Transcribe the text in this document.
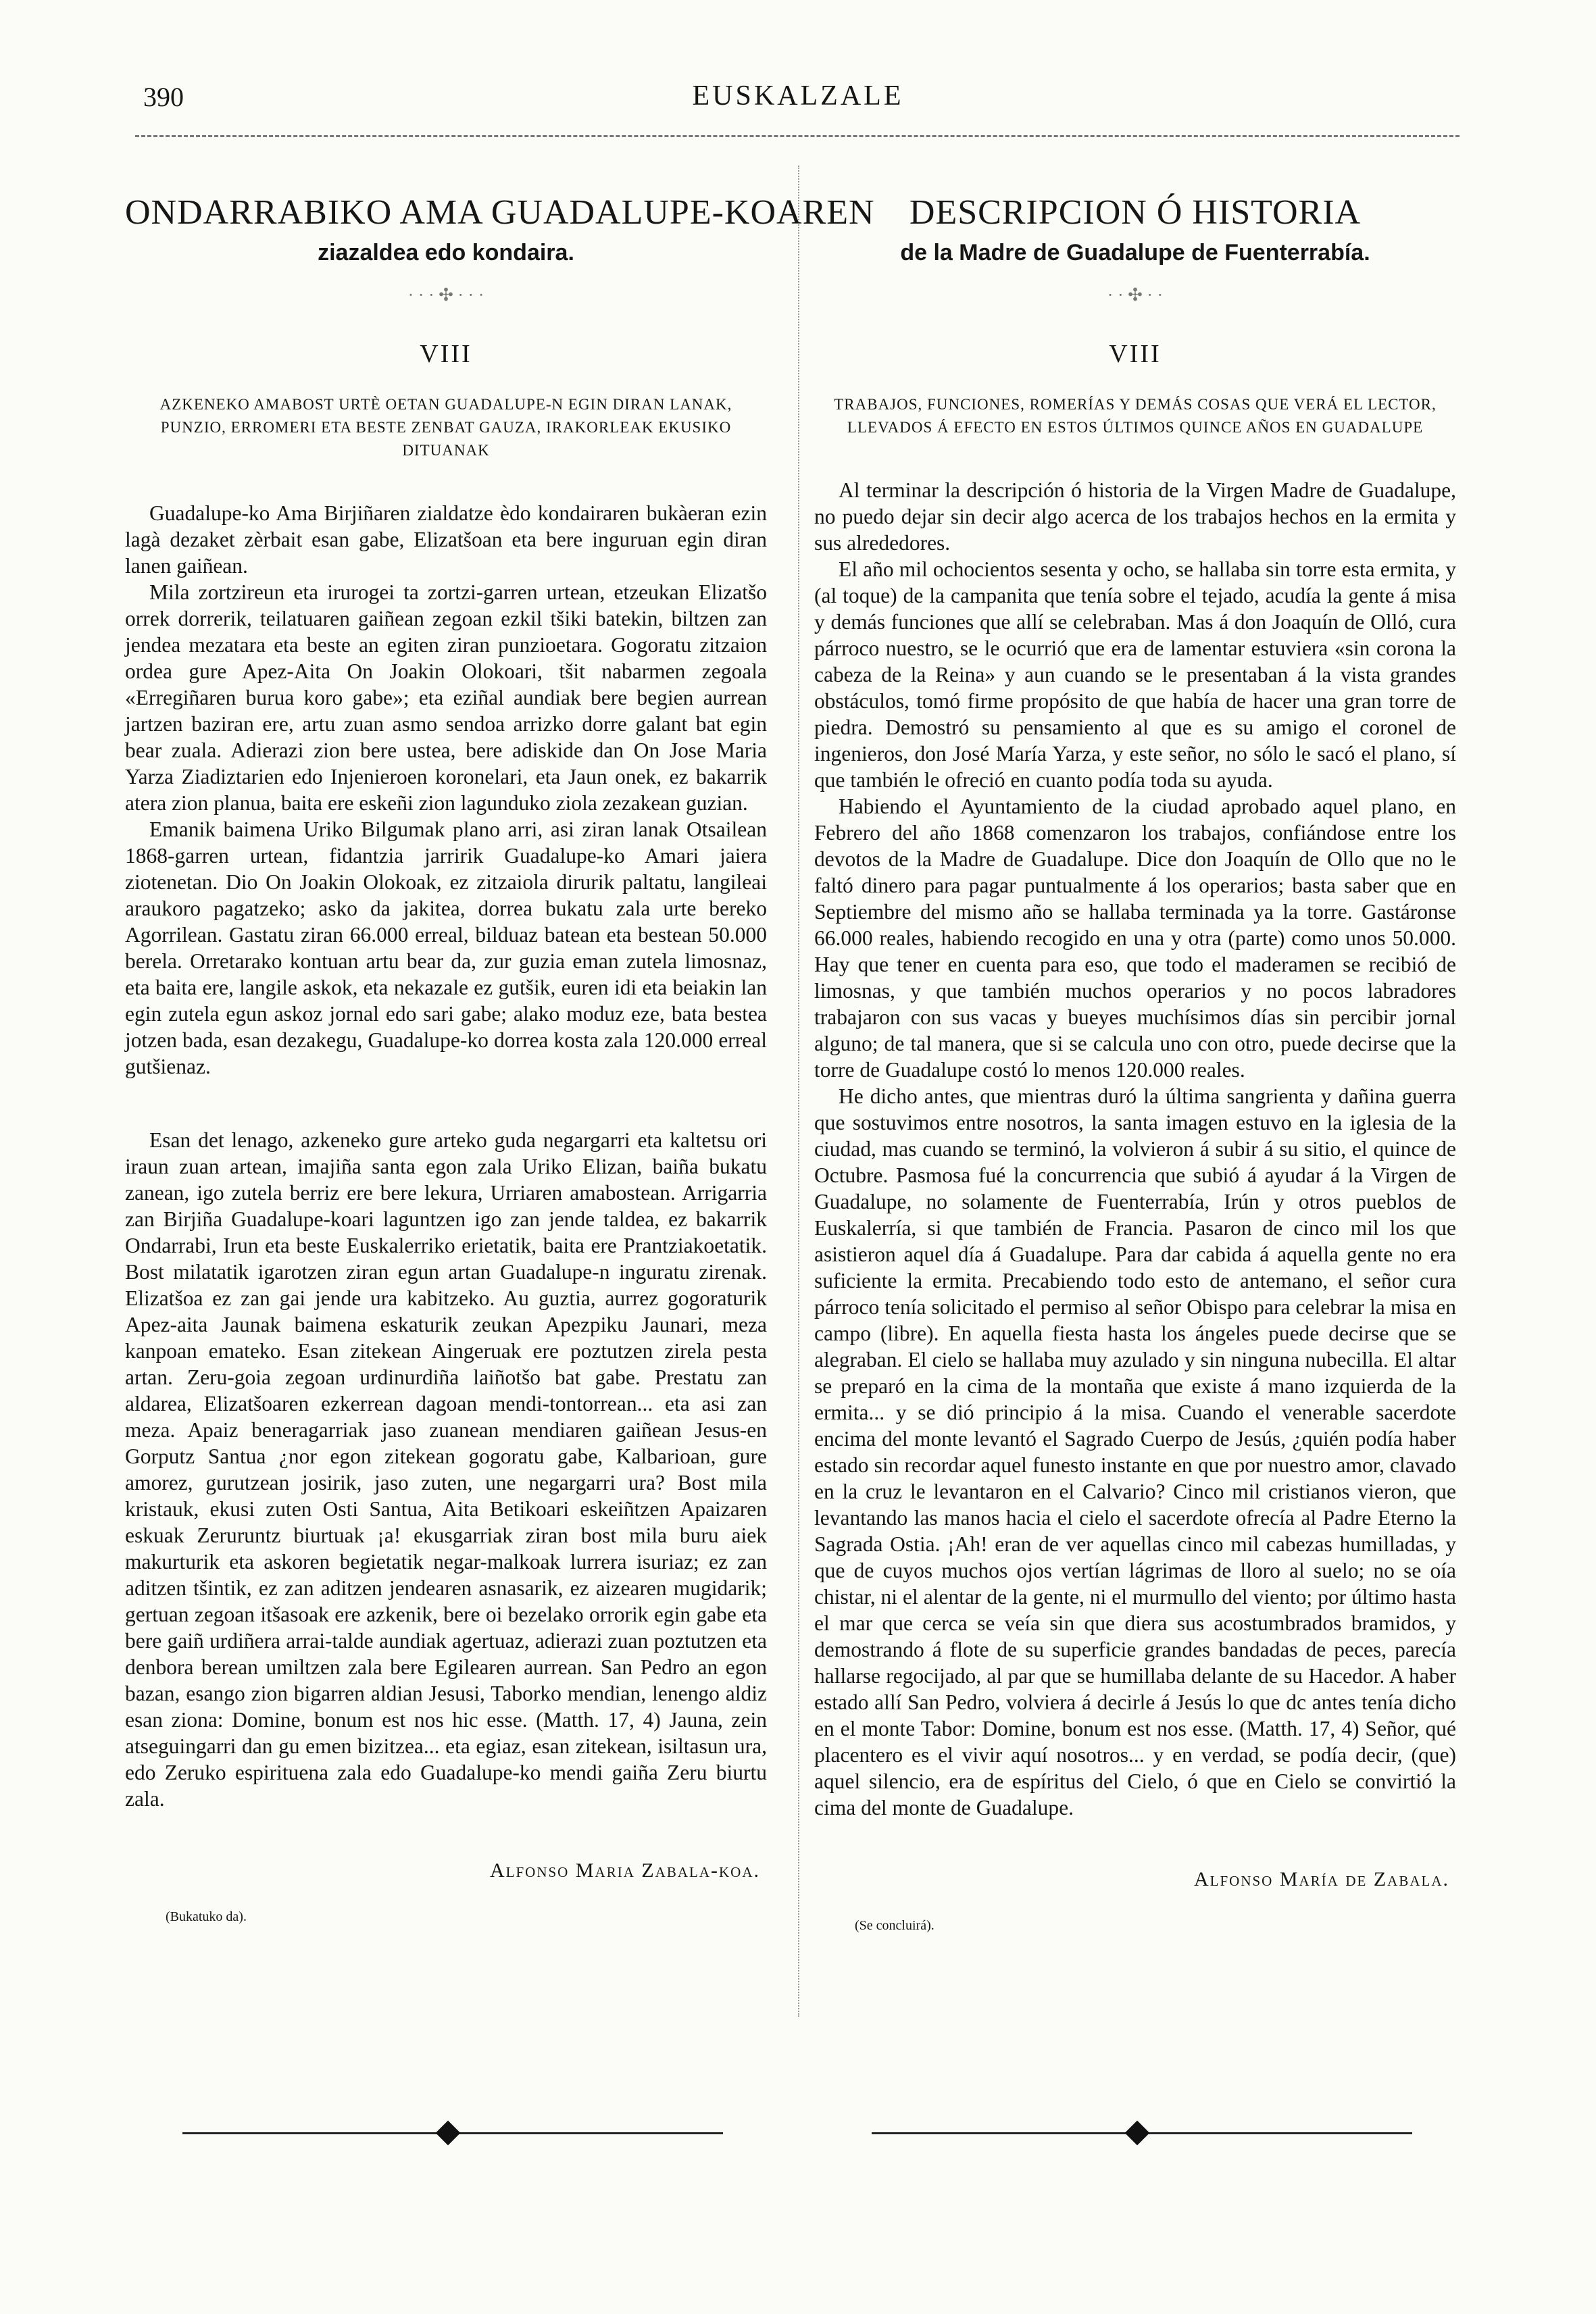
390	EUSKALZALE
ONDARRABIKO AMA GUADALUPE-KOAREN
ziazaldea edo kondaira.
· · · ✣ · · ·
VIII
AZKENEKO AMABOST URTÈ OETAN GUADALUPE-N EGIN DIRAN LANAK, PUNZIO, ERROMERI ETA BESTE ZENBAT GAUZA, IRAKORLEAK EKUSIKO DITUANAK

Guadalupe-ko Ama Birjiñaren zialdatze èdo kondairaren bukàeran ezin lagà dezaket zèrbait esan gabe, Elizatšoan eta bere inguruan egin diran lanen gaiñean.

Mila zortzireun eta irurogei ta zortzi-garren urtean, etzeukan Elizatšo orrek dorrerik, teilatuaren gaiñean zegoan ezkil tšiki batekin, biltzen zan jendea mezatara eta beste an egiten ziran punzioetara. Gogoratu zitzaion ordea gure Apez-Aita On Joakin Olokoari, tšit nabarmen zegoala «Erregiñaren burua koro gabe»; eta eziñal aundiak bere begien aurrean jartzen baziran ere, artu zuan asmo sendoa arrizko dorre galant bat egin bear zuala. Adierazi zion bere ustea, bere adiskide dan On Jose Maria Yarza Ziadiztarien edo Injenieroen koronelari, eta Jaun onek, ez bakarrik atera zion planua, baita ere eskeñi zion lagunduko ziola zezakean guzian.

Emanik baimena Uriko Bilgumak plano arri, asi ziran lanak Otsailean 1868-garren urtean, fidantzia jarririk Guadalupe-ko Amari jaiera ziotenetan. Dio On Joakin Olokoak, ez zitzaiola dirurik paltatu, langileai araukoro pagatzeko; asko da jakitea, dorrea bukatu zala urte bereko Agorrilean. Gastatu ziran 66.000 erreal, bilduaz batean eta bestean 50.000 berela. Orretarako kontuan artu bear da, zur guzia eman zutela limosnaz, eta baita ere, langile askok, eta nekazale ez gutšik, euren idi eta beiakin lan egin zutela egun askoz jornal edo sari gabe; alako moduz eze, bata bestea jotzen bada, esan dezakegu, Guadalupe-ko dorrea kosta zala 120.000 erreal gutšienaz.

Esan det lenago, azkeneko gure arteko guda negargarri eta kaltetsu ori iraun zuan artean, imajiña santa egon zala Uriko Elizan, baiña bukatu zanean, igo zutela berriz ere bere lekura, Urriaren amabostean. Arrigarria zan Birjiña Guadalupe-koari laguntzen igo zan jende taldea, ez bakarrik Ondarrabi, Irun eta beste Euskalerriko erietatik, baita ere Prantziakoetatik. Bost milatatik igarotzen ziran egun artan Guadalupe-n inguratu zirenak. Elizatšoa ez zan gai jende ura kabitzeko. Au guztia, aurrez gogoraturik Apez-aita Jaunak baimena eskaturik zeukan Apezpiku Jaunari, meza kanpoan emateko. Esan zitekean Aingeruak ere poztutzen zirela pesta artan. Zeru-goia zegoan urdinurdiña laiñotšo bat gabe. Prestatu zan aldarea, Elizatšoaren ezkerrean dagoan mendi-tontorrean... eta asi zan meza. Apaiz beneragarriak jaso zuanean mendiaren gaiñean Jesus-en Gorputz Santua ¿nor egon zitekean gogoratu gabe, Kalbarioan, gure amorez, gurutzean josirik, jaso zuten, une negargarri ura? Bost mila kristauk, ekusi zuten Osti Santua, Aita Betikoari eskeiñtzen Apaizaren eskuak Zeruruntz biurtuak ¡a! ekusgarriak ziran bost mila buru aiek makurturik eta askoren begietatik negar-malkoak lurrera isuriaz; ez zan aditzen tšintik, ez zan aditzen jendearen asnasarik, ez aizearen mugidarik; gertuan zegoan itšasoak ere azkenik, bere oi bezelako orrorik egin gabe eta bere gaiñ urdiñera arrai-talde aundiak agertuaz, adierazi zuan poztutzen eta denbora berean umiltzen zala bere Egilearen aurrean. San Pedro an egon bazan, esango zion bigarren aldian Jesusi, Taborko mendian, lenengo aldiz esan ziona: Domine, bonum est nos hic esse. (Matth. 17, 4) Jauna, zein atseguingarri dan gu emen bizitzea... eta egiaz, esan zitekean, isiltasun ura, edo Zeruko espirituena zala edo Guadalupe-ko mendi gaiña Zeru biurtu zala.

Alfonso Maria Zabala-koa.
(Bukatuko da).
DESCRIPCION Ó HISTORIA
de la Madre de Guadalupe de Fuenterrabía.
· · ✣ · ·
VIII
TRABAJOS, FUNCIONES, ROMERÍAS Y DEMÁS COSAS QUE VERÁ EL LECTOR, LLEVADOS Á EFECTO EN ESTOS ÚLTIMOS QUINCE AÑOS EN GUADALUPE

Al terminar la descripción ó historia de la Virgen Madre de Guadalupe, no puedo dejar sin decir algo acerca de los trabajos hechos en la ermita y sus alrededores.

El año mil ochocientos sesenta y ocho, se hallaba sin torre esta ermita, y (al toque) de la campanita que tenía sobre el tejado, acudía la gente á misa y demás funciones que allí se celebraban. Mas á don Joaquín de Olló, cura párroco nuestro, se le ocurrió que era de lamentar estuviera «sin corona la cabeza de la Reina» y aun cuando se le presentaban á la vista grandes obstáculos, tomó firme propósito de que había de hacer una gran torre de piedra. Demostró su pensamiento al que es su amigo el coronel de ingenieros, don José María Yarza, y este señor, no sólo le sacó el plano, sí que también le ofreció en cuanto podía toda su ayuda.

Habiendo el Ayuntamiento de la ciudad aprobado aquel plano, en Febrero del año 1868 comenzaron los trabajos, confiándose entre los devotos de la Madre de Guadalupe. Dice don Joaquín de Ollo que no le faltó dinero para pagar puntualmente á los operarios; basta saber que en Septiembre del mismo año se hallaba terminada ya la torre. Gastáronse 66.000 reales, habiendo recogido en una y otra (parte) como unos 50.000. Hay que tener en cuenta para eso, que todo el maderamen se recibió de limosnas, y que también muchos operarios y no pocos labradores trabajaron con sus vacas y bueyes muchísimos días sin percibir jornal alguno; de tal manera, que si se calcula uno con otro, puede decirse que la torre de Guadalupe costó lo menos 120.000 reales.

He dicho antes, que mientras duró la última sangrienta y dañina guerra que sostuvimos entre nosotros, la santa imagen estuvo en la iglesia de la ciudad, mas cuando se terminó, la volvieron á subir á su sitio, el quince de Octubre. Pasmosa fué la concurrencia que subió á ayudar á la Virgen de Guadalupe, no solamente de Fuenterrabía, Irún y otros pueblos de Euskalerría, si que también de Francia. Pasaron de cinco mil los que asistieron aquel día á Guadalupe. Para dar cabida á aquella gente no era suficiente la ermita. Precabiendo todo esto de antemano, el señor cura párroco tenía solicitado el permiso al señor Obispo para celebrar la misa en campo (libre). En aquella fiesta hasta los ángeles puede decirse que se alegraban. El cielo se hallaba muy azulado y sin ninguna nubecilla. El altar se preparó en la cima de la montaña que existe á mano izquierda de la ermita... y se dió principio á la misa. Cuando el venerable sacerdote encima del monte levantó el Sagrado Cuerpo de Jesús, ¿quién podía haber estado sin recordar aquel funesto instante en que por nuestro amor, clavado en la cruz le levantaron en el Calvario? Cinco mil cristianos vieron, que levantando las manos hacia el cielo el sacerdote ofrecía al Padre Eterno la Sagrada Ostia. ¡Ah! eran de ver aquellas cinco mil cabezas humilladas, y que de cuyos muchos ojos vertían lágrimas de lloro al suelo; no se oía chistar, ni el alentar de la gente, ni el murmullo del viento; por último hasta el mar que cerca se veía sin que diera sus acostumbrados bramidos, y demostrando á flote de su superficie grandes bandadas de peces, parecía hallarse regocijado, al par que se humillaba delante de su Hacedor. A haber estado allí San Pedro, volviera á decirle á Jesús lo que dc antes tenía dicho en el monte Tabor: Domine, bonum est nos esse. (Matth. 17, 4) Señor, qué placentero es el vivir aquí nosotros... y en verdad, se podía decir, (que) aquel silencio, era de espíritus del Cielo, ó que en Cielo se convirtió la cima del monte de Guadalupe.

Alfonso María de Zabala.
(Se concluirá).
